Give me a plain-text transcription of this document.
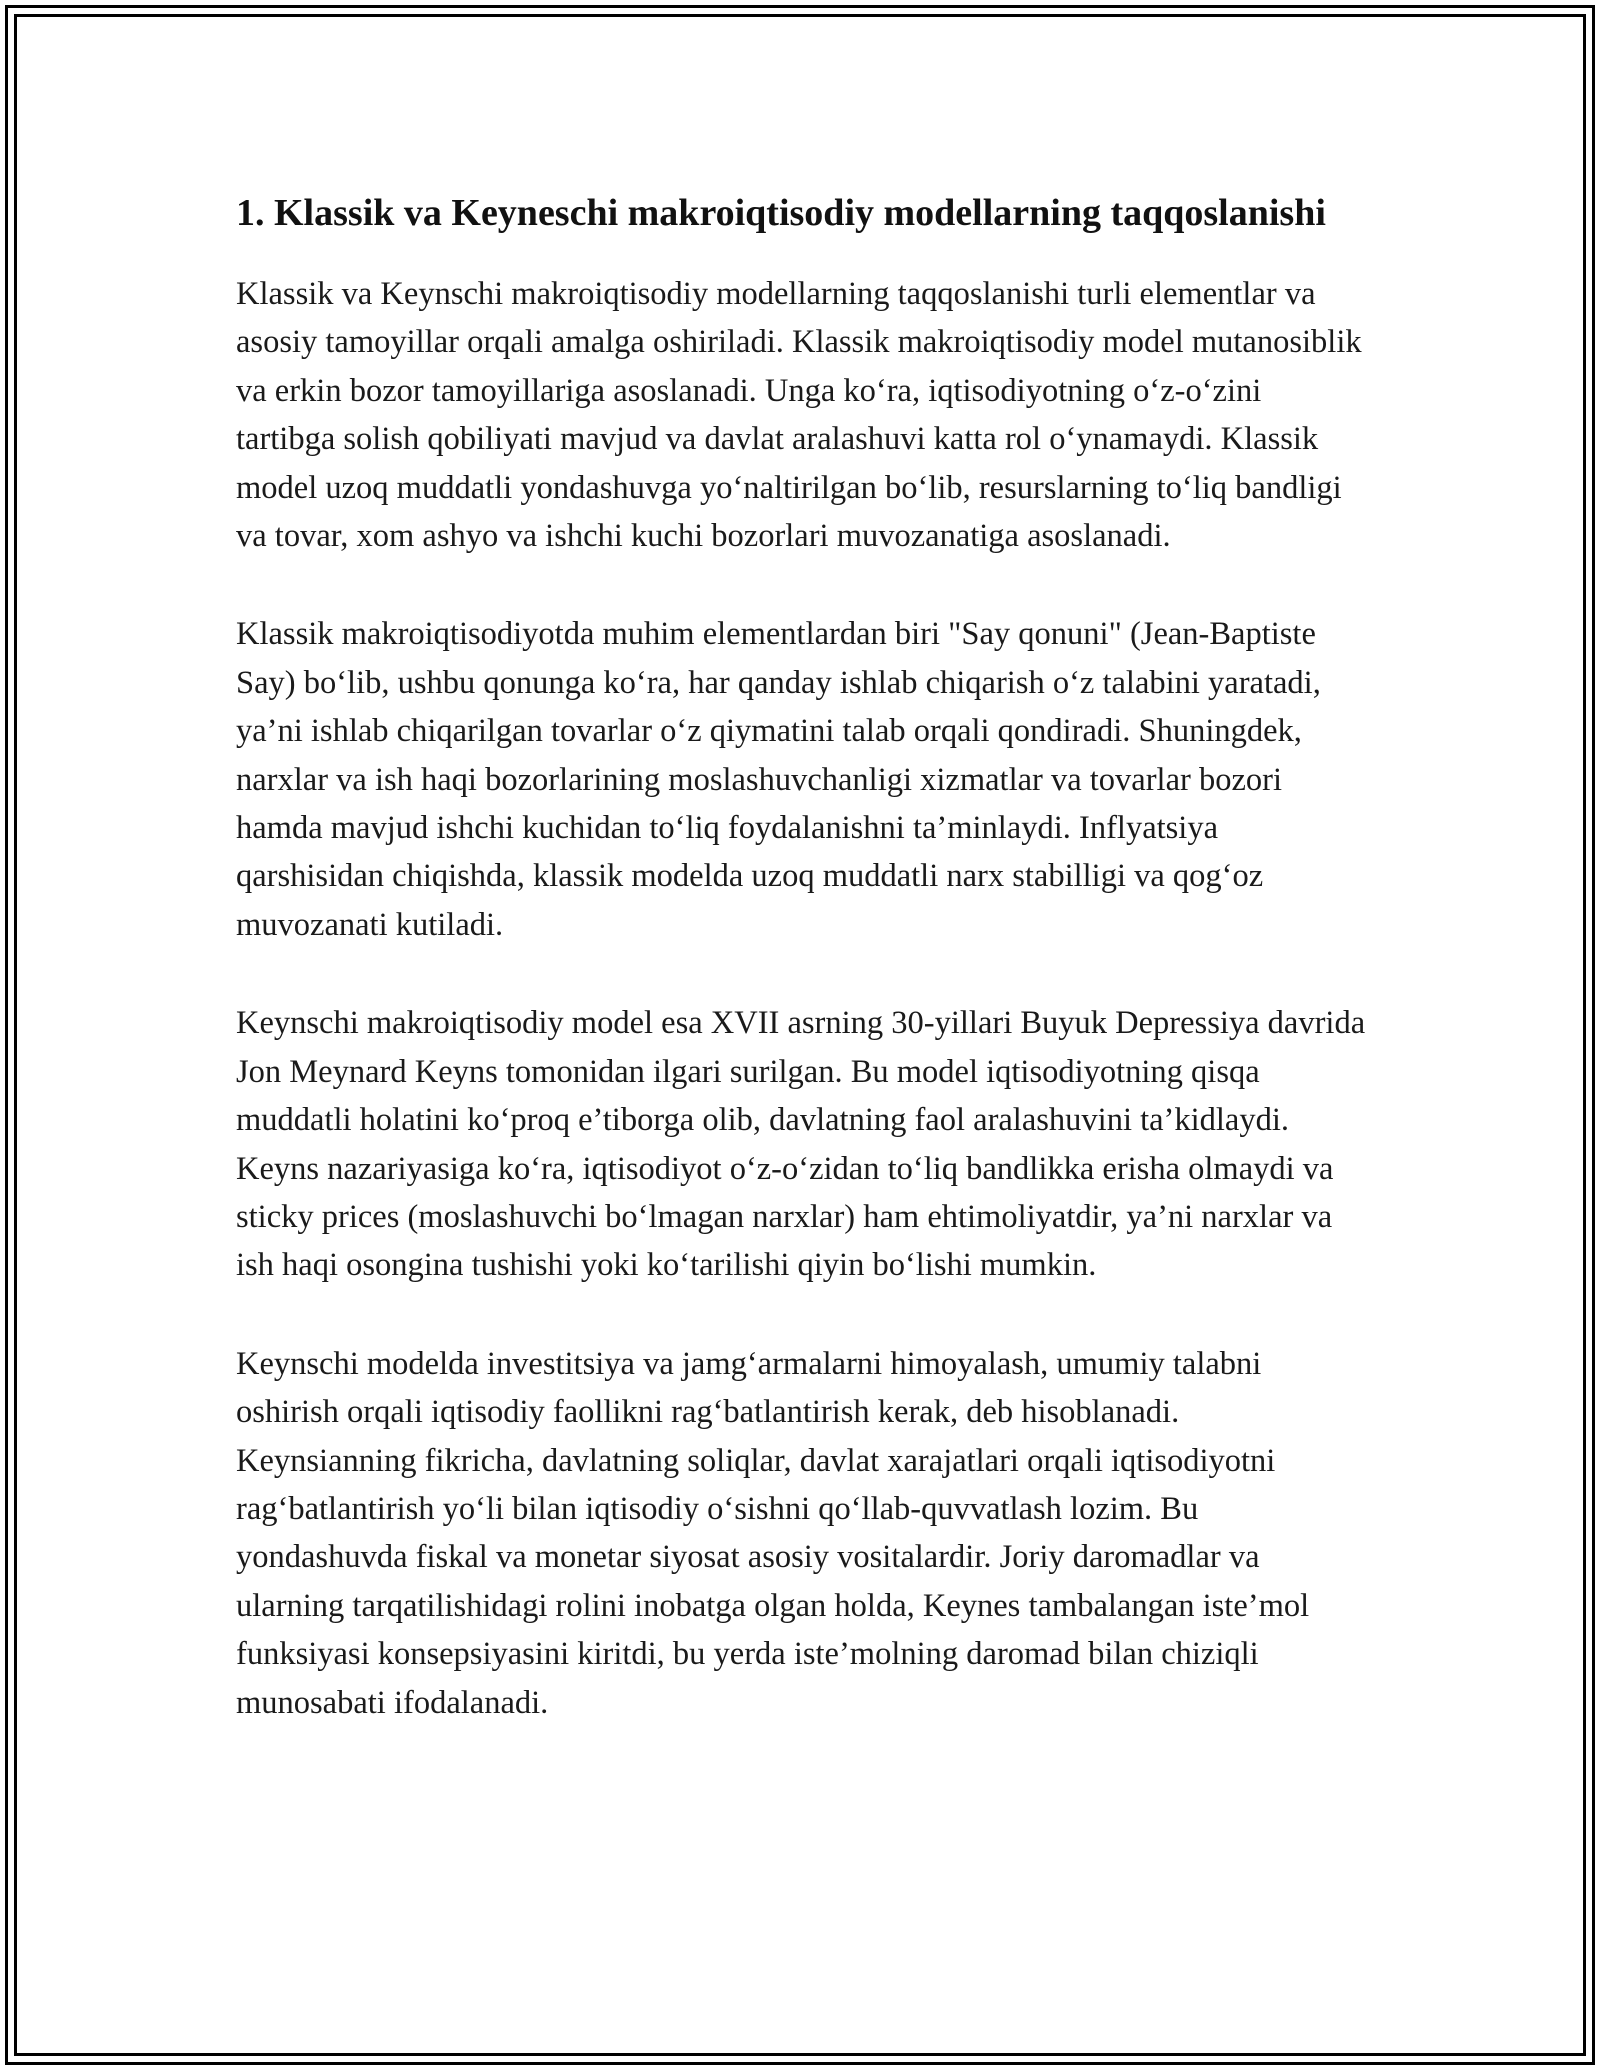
1. Klassik va Keyneschi makroiqtisodiy modellarning taqqoslanishi

Klassik va Keynschi makroiqtisodiy modellarning taqqoslanishi turli elementlar va asosiy tamoyillar orqali amalga oshiriladi. Klassik makroiqtisodiy model mutanosiblik va erkin bozor tamoyillariga asoslanadi. Unga ko‘ra, iqtisodiyotning o‘z-o‘zini tartibga solish qobiliyati mavjud va davlat aralashuvi katta rol o‘ynamaydi. Klassik model uzoq muddatli yondashuvga yo‘naltirilgan bo‘lib, resurslarning to‘liq bandligi va tovar, xom ashyo va ishchi kuchi bozorlari muvozanatiga asoslanadi.

Klassik makroiqtisodiyotda muhim elementlardan biri "Say qonuni" (Jean-Baptiste Say) bo‘lib, ushbu qonunga ko‘ra, har qanday ishlab chiqarish o‘z talabini yaratadi, ya’ni ishlab chiqarilgan tovarlar o‘z qiymatini talab orqali qondiradi. Shuningdek, narxlar va ish haqi bozorlarining moslashuvchanligi xizmatlar va tovarlar bozori hamda mavjud ishchi kuchidan to‘liq foydalanishni ta’minlaydi. Inflyatsiya qarshisidan chiqishda, klassik modelda uzoq muddatli narx stabilligi va qog‘oz muvozanati kutiladi.

Keynschi makroiqtisodiy model esa XVII asrning 30-yillari Buyuk Depressiya davrida Jon Meynard Keyns tomonidan ilgari surilgan. Bu model iqtisodiyotning qisqa muddatli holatini ko‘proq e’tiborga olib, davlatning faol aralashuvini ta’kidlaydi. Keyns nazariyasiga ko‘ra, iqtisodiyot o‘z-o‘zidan to‘liq bandlikka erisha olmaydi va sticky prices (moslashuvchi bo‘lmagan narxlar) ham ehtimoliyatdir, ya’ni narxlar va ish haqi osongina tushishi yoki ko‘tarilishi qiyin bo‘lishi mumkin.

Keynschi modelda investitsiya va jamg‘armalarni himoyalash, umumiy talabni oshirish orqali iqtisodiy faollikni rag‘batlantirish kerak, deb hisoblanadi. Keynsianning fikricha, davlatning soliqlar, davlat xarajatlari orqali iqtisodiyotni rag‘batlantirish yo‘li bilan iqtisodiy o‘sishni qo‘llab-quvvatlash lozim. Bu yondashuvda fiskal va monetar siyosat asosiy vositalardir. Joriy daromadlar va ularning tarqatilishidagi rolini inobatga olgan holda, Keynes tambalangan iste’mol funksiyasi konsepsiyasini kiritdi, bu yerda iste’molning daromad bilan chiziqli munosabati ifodalanadi.
